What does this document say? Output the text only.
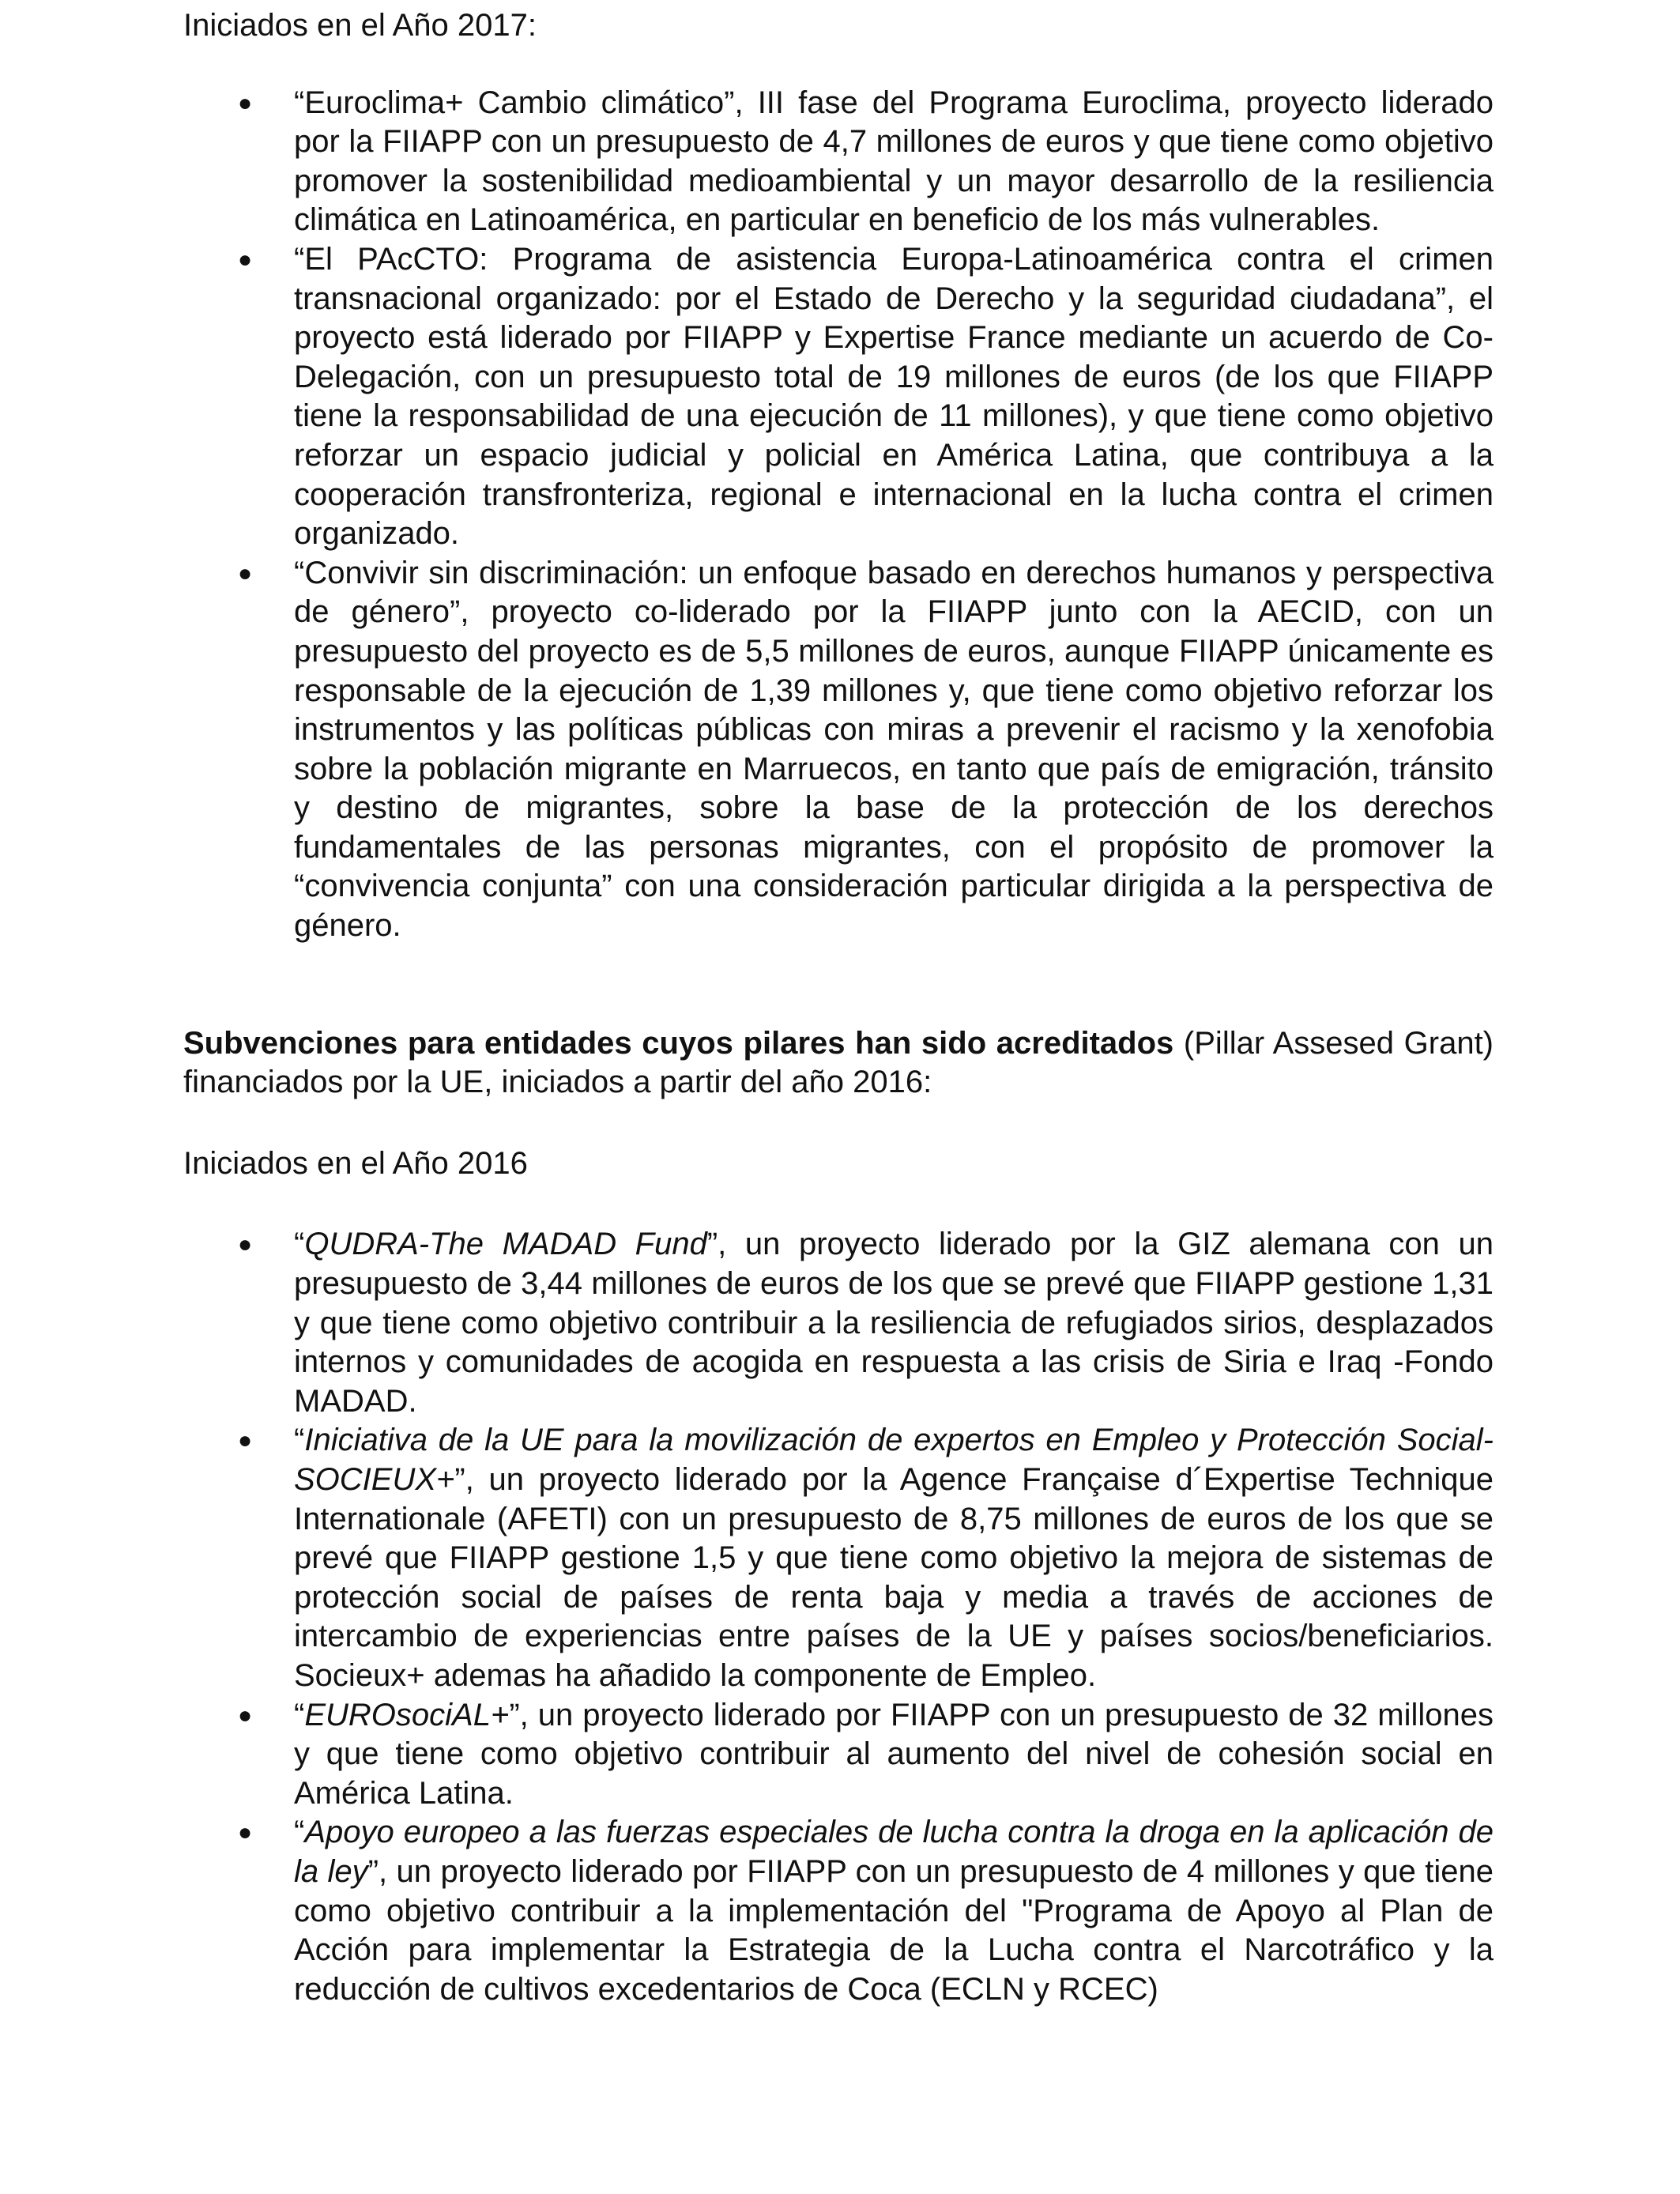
Iniciados en el Año 2017:

● “Euroclima+ Cambio climático”, III fase del Programa Euroclima, proyecto liderado por la FIIAPP con un presupuesto de 4,7 millones de euros y que tiene como objetivo promover la sostenibilidad medioambiental y un mayor desarrollo de la resiliencia climática en Latinoamérica, en particular en beneficio de los más vulnerables.
● “El PAcCTO: Programa de asistencia Europa-Latinoamérica contra el crimen transnacional organizado: por el Estado de Derecho y la seguridad ciudadana”, el proyecto está liderado por FIIAPP y Expertise France mediante un acuerdo de Co-Delegación, con un presupuesto total de 19 millones de euros (de los que FIIAPP tiene la responsabilidad de una ejecución de 11 millones), y que tiene como objetivo reforzar un espacio judicial y policial en América Latina, que contribuya a la cooperación transfronteriza, regional e internacional en la lucha contra el crimen organizado.
● “Convivir sin discriminación: un enfoque basado en derechos humanos y perspectiva de género”, proyecto co-liderado por la FIIAPP junto con la AECID, con un presupuesto del proyecto es de 5,5 millones de euros, aunque FIIAPP únicamente es responsable de la ejecución de 1,39 millones y, que tiene como objetivo reforzar los instrumentos y las políticas públicas con miras a prevenir el racismo y la xenofobia sobre la población migrante en Marruecos, en tanto que país de emigración, tránsito y destino de migrantes, sobre la base de la protección de los derechos fundamentales de las personas migrantes, con el propósito de promover la “convivencia conjunta” con una consideración particular dirigida a la perspectiva de género.

Subvenciones para entidades cuyos pilares han sido acreditados (Pillar Assesed Grant) financiados por la UE, iniciados a partir del año 2016:

Iniciados en el Año 2016

● “QUDRA-The MADAD Fund”, un proyecto liderado por la GIZ alemana con un presupuesto de 3,44 millones de euros de los que se prevé que FIIAPP gestione 1,31 y que tiene como objetivo contribuir a la resiliencia de refugiados sirios, desplazados internos y comunidades de acogida en respuesta a las crisis de Siria e Iraq -Fondo MADAD.
● “Iniciativa de la UE para la movilización de expertos en Empleo y Protección Social- SOCIEUX+”, un proyecto liderado por la Agence Française d´Expertise Technique Internationale (AFETI) con un presupuesto de 8,75 millones de euros de los que se prevé que FIIAPP gestione 1,5 y que tiene como objetivo la mejora de sistemas de protección social de países de renta baja y media a través de acciones de intercambio de experiencias entre países de la UE y países socios/beneficiarios. Socieux+ ademas ha añadido la componente de Empleo.
● “EUROsociAL+”, un proyecto liderado por FIIAPP con un presupuesto de 32 millones y que tiene como objetivo contribuir al aumento del nivel de cohesión social en América Latina.
● “Apoyo europeo a las fuerzas especiales de lucha contra la droga en la aplicación de la ley”, un proyecto liderado por FIIAPP con un presupuesto de 4 millones y que tiene como objetivo contribuir a la implementación del "Programa de Apoyo al Plan de Acción para implementar la Estrategia de la Lucha contra el Narcotráfico y la reducción de cultivos excedentarios de Coca (ECLN y RCEC)
